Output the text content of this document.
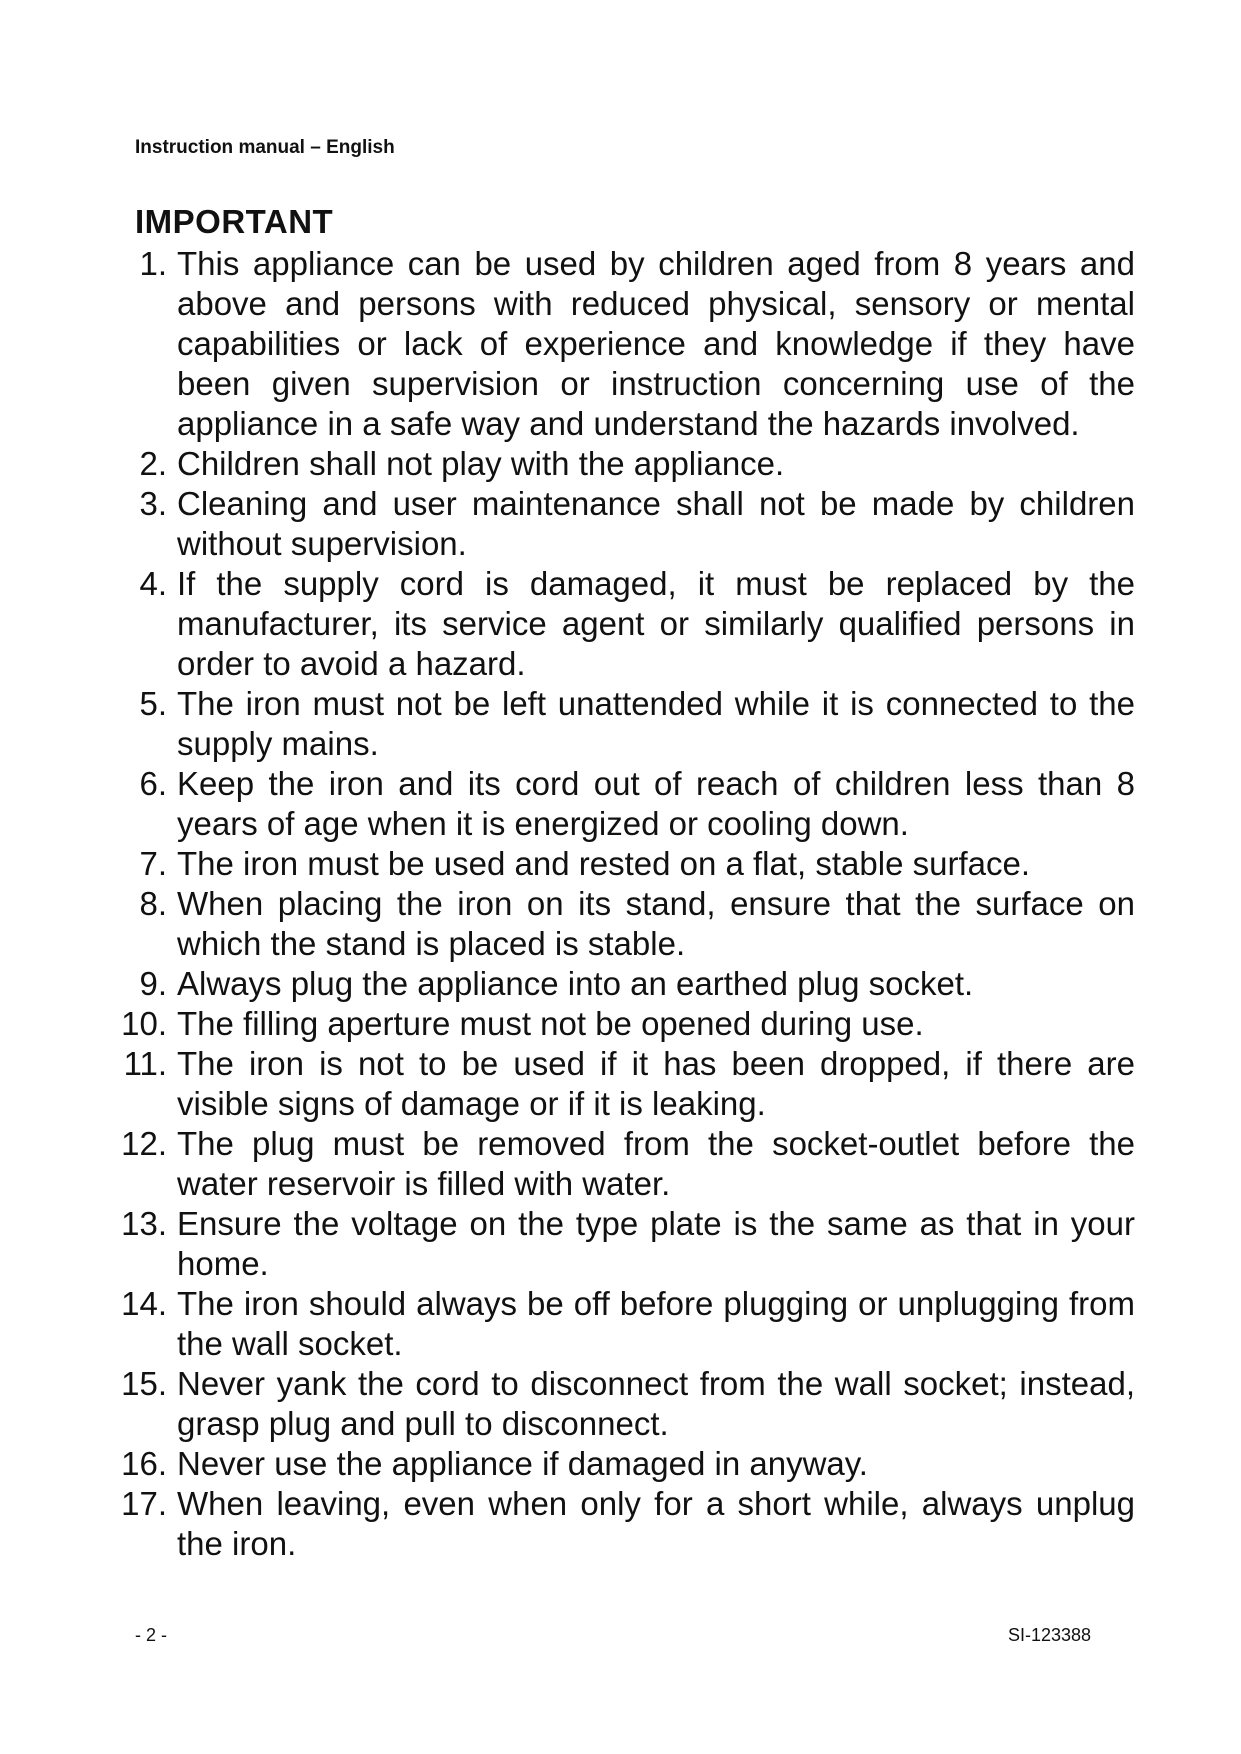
Instruction manual – English
IMPORTANT
1. This appliance can be used by children aged from 8 years and above and persons with reduced physical, sensory or mental capabilities or lack of experience and knowledge if they have been given supervision or instruction concerning use of the appliance in a safe way and understand the hazards involved.
2. Children shall not play with the appliance.
3. Cleaning and user maintenance shall not be made by children without supervision.
4. If the supply cord is damaged, it must be replaced by the manufacturer, its service agent or similarly qualified persons in order to avoid a hazard.
5. The iron must not be left unattended while it is connected to the supply mains.
6. Keep the iron and its cord out of reach of children less than 8 years of age when it is energized or cooling down.
7. The iron must be used and rested on a flat, stable surface.
8. When placing the iron on its stand, ensure that the surface on which the stand is placed is stable.
9. Always plug the appliance into an earthed plug socket.
10. The filling aperture must not be opened during use.
11. The iron is not to be used if it has been dropped, if there are visible signs of damage or if it is leaking.
12. The plug must be removed from the socket-outlet before the water reservoir is filled with water.
13. Ensure the voltage on the type plate is the same as that in your home.
14. The iron should always be off before plugging or unplugging from the wall socket.
15. Never yank the cord to disconnect from the wall socket; instead, grasp plug and pull to disconnect.
16. Never use the appliance if damaged in anyway.
17. When leaving, even when only for a short while, always unplug the iron.
- 2 -	SI-123388
